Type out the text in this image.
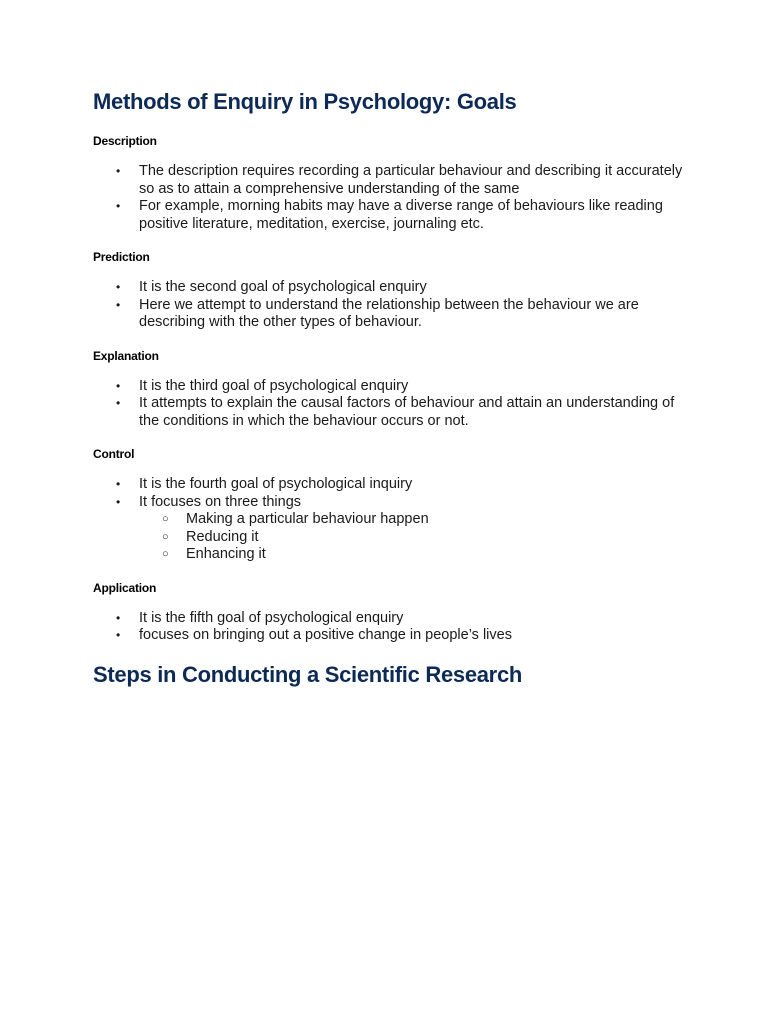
Methods of Enquiry in Psychology: Goals
Description
• The description requires recording a particular behaviour and describing it accurately so as to attain a comprehensive understanding of the same
• For example, morning habits may have a diverse range of behaviours like reading positive literature, meditation, exercise, journaling etc.
Prediction
• It is the second goal of psychological enquiry
• Here we attempt to understand the relationship between the behaviour we are describing with the other types of behaviour.
Explanation
• It is the third goal of psychological enquiry
• It attempts to explain the causal factors of behaviour and attain an understanding of the conditions in which the behaviour occurs or not.
Control
• It is the fourth goal of psychological inquiry
• It focuses on three things
○ Making a particular behaviour happen
○ Reducing it
○ Enhancing it
Application
• It is the fifth goal of psychological enquiry
• focuses on bringing out a positive change in people’s lives
Steps in Conducting a Scientific Research
